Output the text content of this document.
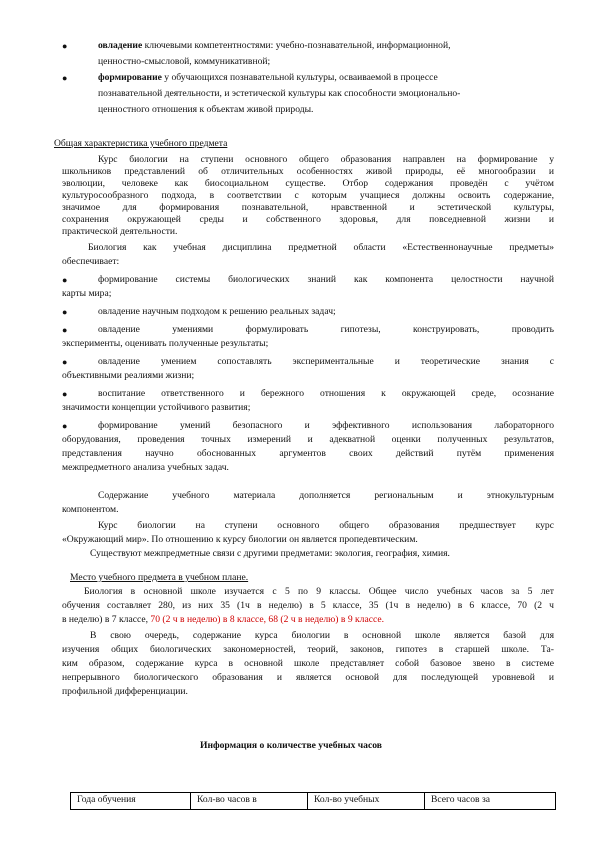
●	овладение ключевыми компетентностями: учебно-познавательной, информационной,
ценностно-смысловой, коммуникативной;
●	формирование у обучающихся познавательной культуры, осваиваемой в процессе
познавательной деятельности, и эстетической культуры как способности эмоционально-
ценностного отношения к объектам живой природы.
Общая характеристика учебного предмета
Курс биологии на ступени основного общего образования направлен на формирование у
школьников представлений об отличительных особенностях живой природы, её многообразии и
эволюции, человеке как биосоциальном существе. Отбор содержания проведён с учётом
культуросообразного подхода, в соответствии с которым учащиеся должны освоить содержание,
значимое для формирования познавательной, нравственной и эстетической культуры,
сохранения окружающей среды и собственного здоровья, для повседневной жизни и
практической деятельности.
Биология как учебная дисциплина предметной области «Естественнонаучные предметы»
обеспечивает:
●	формирование системы биологических знаний как компонента целостности научной
карты мира;
●	овладение научным подходом к решению реальных задач;
●	овладение умениями формулировать гипотезы, конструировать, проводить
эксперименты, оценивать полученные результаты;
●	овладение умением сопоставлять экспериментальные и теоретические знания с
объективными реалиями жизни;
●	воспитание ответственного и бережного отношения к окружающей среде, осознание
значимости концепции устойчивого развития;
●	формирование умений безопасного и эффективного использования лабораторного
оборудования, проведения точных измерений и адекватной оценки полученных результатов,
представления научно обоснованных аргументов своих действий путём применения
межпредметного анализа учебных задач.
Содержание учебного материала дополняется региональным и этнокультурным
компонентом.
Курс биологии на ступени основного общего образования предшествует курс
«Окружающий мир». По отношению к курсу биологии он является пропедевтическим.
Существуют межпредметные связи с другими предметами: экология, география, химия.
Место учебного предмета в учебном плане.
Биология в основной школе изучается с 5 по 9 классы. Общее число учебных часов за 5 лет
обучения составляет 280, из них 35 (1ч в неделю) в 5 классе, 35 (1ч в неделю) в 6 классе, 70 (2 ч
в неделю) в 7 классе, 70 (2 ч в неделю) в 8 классе, 68 (2 ч в неделю) в 9 классе.
В свою очередь, содержание курса биологии в основной школе является базой для
изучения общих биологических закономерностей, теорий, законов, гипотез в старшей школе. Та-
ким образом, содержание курса в основной школе представляет собой базовое звено в системе
непрерывного биологического образования и является основой для последующей уровневой и
профильной дифференциации.
Информация о количестве учебных часов
Года обучения	Кол-во часов в	Кол-во учебных	Всего часов за
